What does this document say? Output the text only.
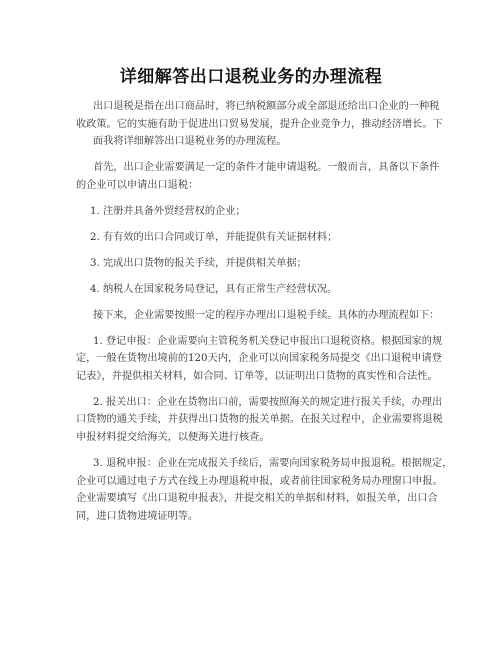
详细解答出口退税业务的办理流程
出口退税是指在出口商品时，将已纳税额部分或全部退还给出口企业的一种税
收政策。它的实施有助于促进出口贸易发展，提升企业竞争力，推动经济增长。下
面我将详细解答出口退税业务的办理流程。
首先，出口企业需要满足一定的条件才能申请退税。一般而言，具备以下条件
的企业可以申请出口退税：
1. 注册并具备外贸经营权的企业；
2. 有有效的出口合同或订单，并能提供有关证据材料；
3. 完成出口货物的报关手续，并提供相关单据；
4. 纳税人在国家税务局登记，具有正常生产经营状况。
接下来，企业需要按照一定的程序办理出口退税手续。具体的办理流程如下：
1. 登记申报：企业需要向主管税务机关登记申报出口退税资格。根据国家的规
定，一般在货物出境前的120天内，企业可以向国家税务局提交《出口退税申请登
记表》，并提供相关材料，如合同、订单等，以证明出口货物的真实性和合法性。
2. 报关出口：企业在货物出口前，需要按照海关的规定进行报关手续，办理出
口货物的通关手续，并获得出口货物的报关单据。在报关过程中，企业需要将退税
申报材料提交给海关，以便海关进行核查。
3. 退税申报：企业在完成报关手续后，需要向国家税务局申报退税。根据规定，
企业可以通过电子方式在线上办理退税申报，或者前往国家税务局办理窗口申报。
企业需要填写《出口退税申报表》，并提交相关的单据和材料，如报关单，出口合
同，进口货物进境证明等。
